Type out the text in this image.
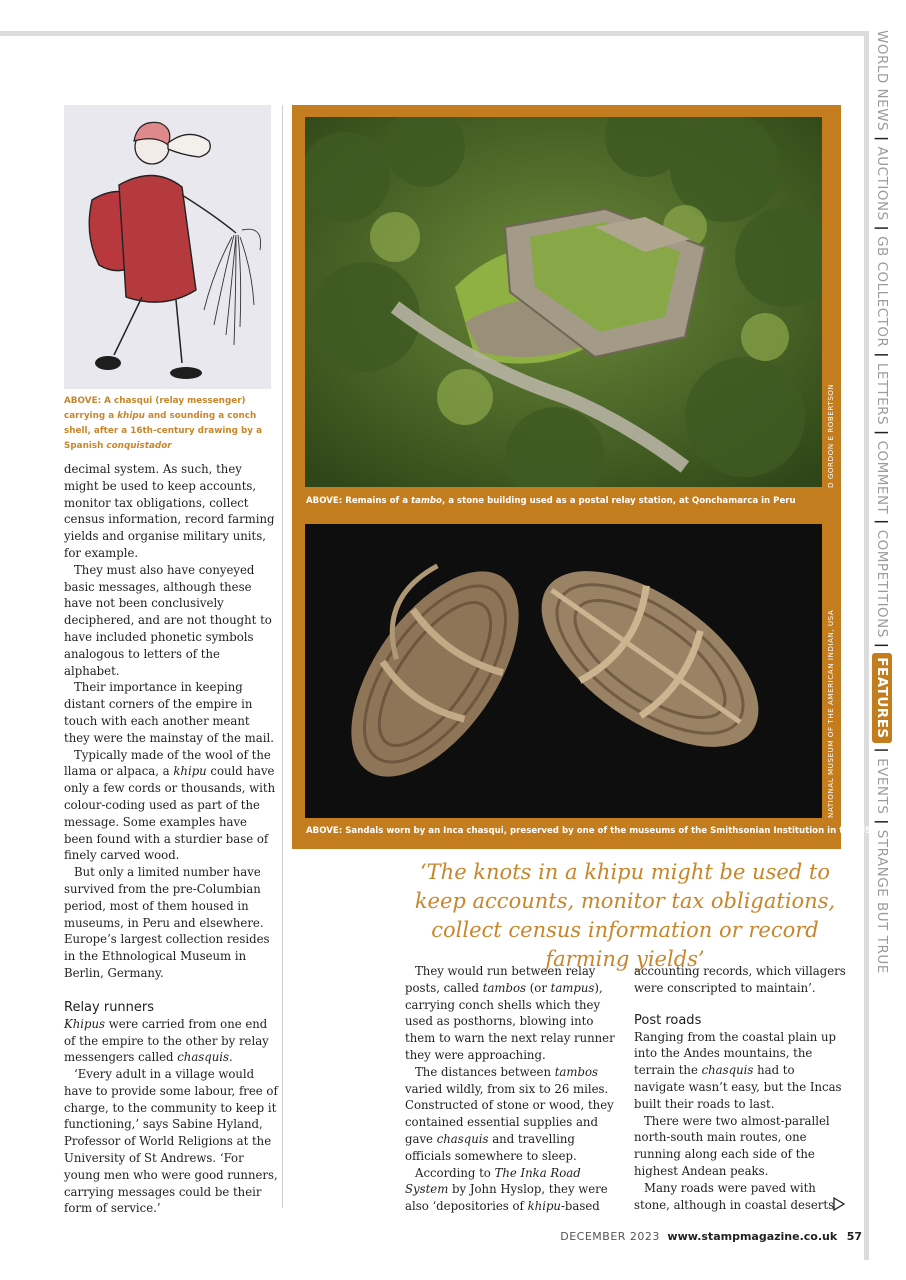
ABOVE: A chasqui (relay messenger) carrying a khipu and sounding a conch shell, after a 16th-century drawing by a Spanish conquistador

decimal system. As such, they might be used to keep accounts, monitor tax obligations, collect census information, record farming yields and organise military units, for example.

They must also have conyeyed basic messages, although these have not been conclusively deciphered, and are not thought to have included phonetic symbols analogous to letters of the alphabet.

Their importance in keeping distant corners of the empire in touch with each another meant they were the mainstay of the mail.

Typically made of the wool of the llama or alpaca, a khipu could have only a few cords or thousands, with colour-coding used as part of the message. Some examples have been found with a sturdier base of finely carved wood.

But only a limited number have survived from the pre-Columbian period, most of them housed in museums, in Peru and elsewhere. Europe’s largest collection resides in the Ethnological Museum in Berlin, Germany.

Relay runners

Khipus were carried from one end of the empire to the other by relay messengers called chasquis.

‘Every adult in a village would have to provide some labour, free of charge, to the community to keep it functioning,’ says Sabine Hyland, Professor of World Religions at the University of St Andrews. ‘For young men who were good runners, carrying messages could be their form of service.’

ABOVE: Remains of a tambo, a stone building used as a postal relay station, at Qonchamarca in Peru
D GORDON E ROBERTSON
ABOVE: Sandals worn by an Inca chasqui, preserved by one of the museums of the Smithsonian Institution in the USA
NATIONAL MUSEUM OF THE AMERICAN INDIAN, USA
‘The knots in a khipu might be used to keep accounts, monitor tax obligations, collect census information or record farming yields’

They would run between relay posts, called tambos (or tampus), carrying conch shells which they used as posthorns, blowing into them to warn the next relay runner they were approaching.

The distances between tambos varied wildly, from six to 26 miles. Constructed of stone or wood, they contained essential supplies and gave chasquis and travelling officials somewhere to sleep.

According to The Inka Road System by John Hyslop, they were also ‘depositories of khipu-based

accounting records, which villagers were conscripted to maintain’.

Post roads

Ranging from the coastal plain up into the Andes mountains, the terrain the chasquis had to navigate wasn’t easy, but the Incas built their roads to last.

There were two almost-parallel north-south main routes, one running along each side of the highest Andean peaks.

Many roads were paved with stone, although in coastal deserts

DECEMBER 2023 www.stampmagazine.co.uk 57
WORLD NEWS
|
AUCTIONS
|
GB COLLECTOR
|
LETTERS
|
COMMENT
|
COMPETITIONS
|
FEATURES
|
EVENTS
|
STRANGE BUT TRUE
